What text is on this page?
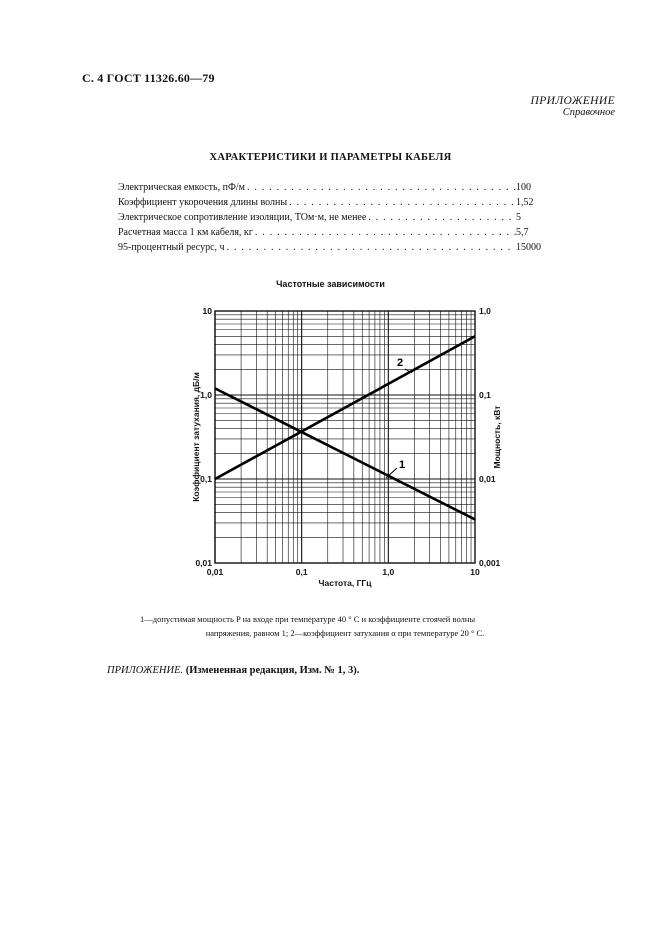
С. 4 ГОСТ 11326.60—79
ПРИЛОЖЕНИЕ
Справочное
ХАРАКТЕРИСТИКИ И ПАРАМЕТРЫ КАБЕЛЯ
Электрическая емкость, пФ/м . . .	100
Коэффициент укорочения длины волны . . .	1,52
Электрическое сопротивление изоляции, ТОм·м, не менее . . .	5
Расчетная масса 1 км кабеля, кг . . .	5,7
95-процентный ресурс, ч . . .	15000
Частотные зависимости
0,01	0,1	1,0	10
0,01
0,1
1,0
10
0,001
0,01
0,1
1,0
Частота, ГГц
Коэффициент затухания, дБ/м	Мощность, кВт
1
2
1—допустимая мощность P на входе при температуре 40 ° С и коэффициенте стоячей волны
напряжения, равном 1; 2—коэффициент затухания α при температуре 20 ° С.
ПРИЛОЖЕНИЕ. (Измененная редакция, Изм. № 1, 3).
